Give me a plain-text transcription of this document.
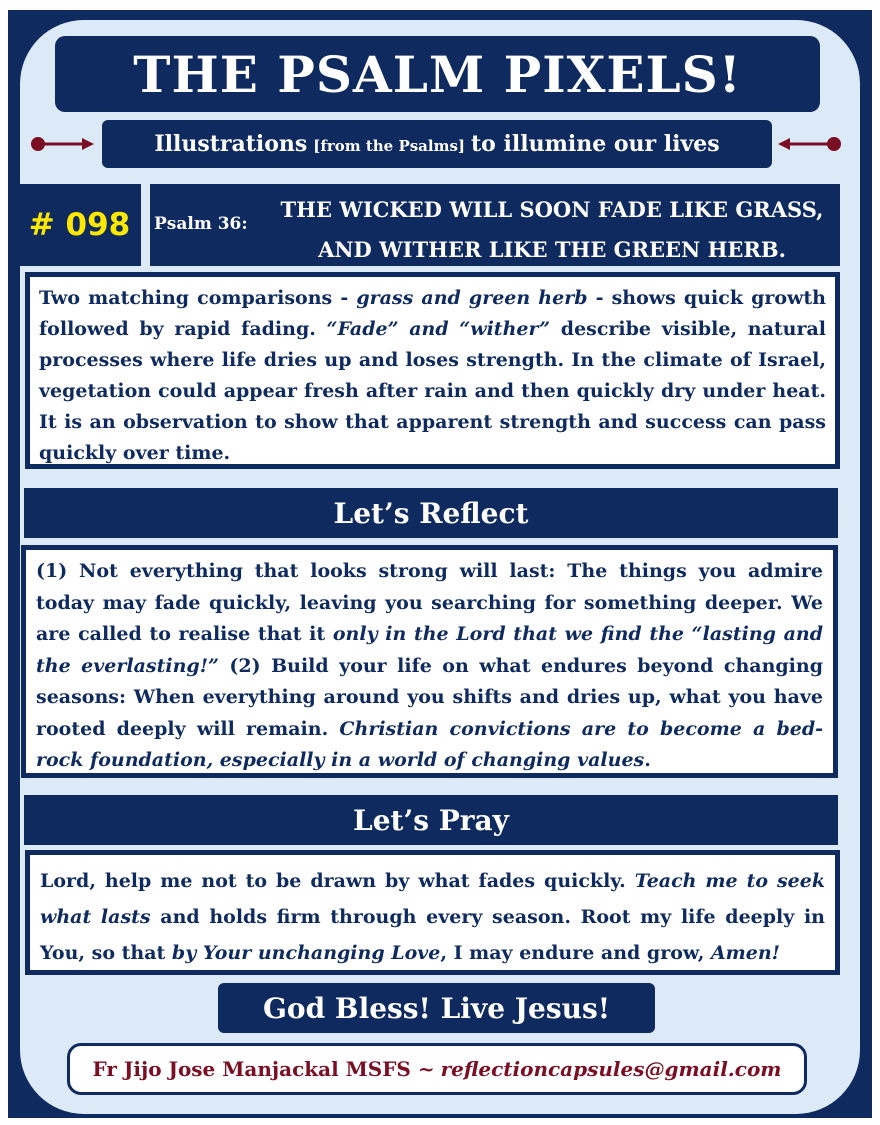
THE PSALM PIXELS!
Illustrations [from the Psalms] to illumine our lives
# 098	Psalm 36:
THE WICKED WILL SOON FADE LIKE GRASS,
AND WITHER LIKE THE GREEN HERB.
Two matching comparisons - grass and green herb - shows quick growth followed by rapid fading. “Fade” and “wither” describe visible, natural processes where life dries up and loses strength. In the climate of Israel, vegetation could appear fresh after rain and then quickly dry under heat. It is an observation to show that apparent strength and success can pass quickly over time.
Let’s Reflect
(1) Not everything that looks strong will last: The things you admire today may fade quickly, leaving you searching for something deeper. We are called to realise that it only in the Lord that we find the “lasting and the everlasting!” (2) Build your life on what endures beyond changing seasons: When everything around you shifts and dries up, what you have rooted deeply will remain. Christian convictions are to become a bed-rock foundation, especially in a world of changing values.
Let’s Pray
Lord, help me not to be drawn by what fades quickly. Teach me to seek what lasts and holds firm through every season. Root my life deeply in You, so that by Your unchanging Love, I may endure and grow, Amen!
God Bless! Live Jesus!
Fr Jijo Jose Manjackal MSFS ~ reflectioncapsules@gmail.com
